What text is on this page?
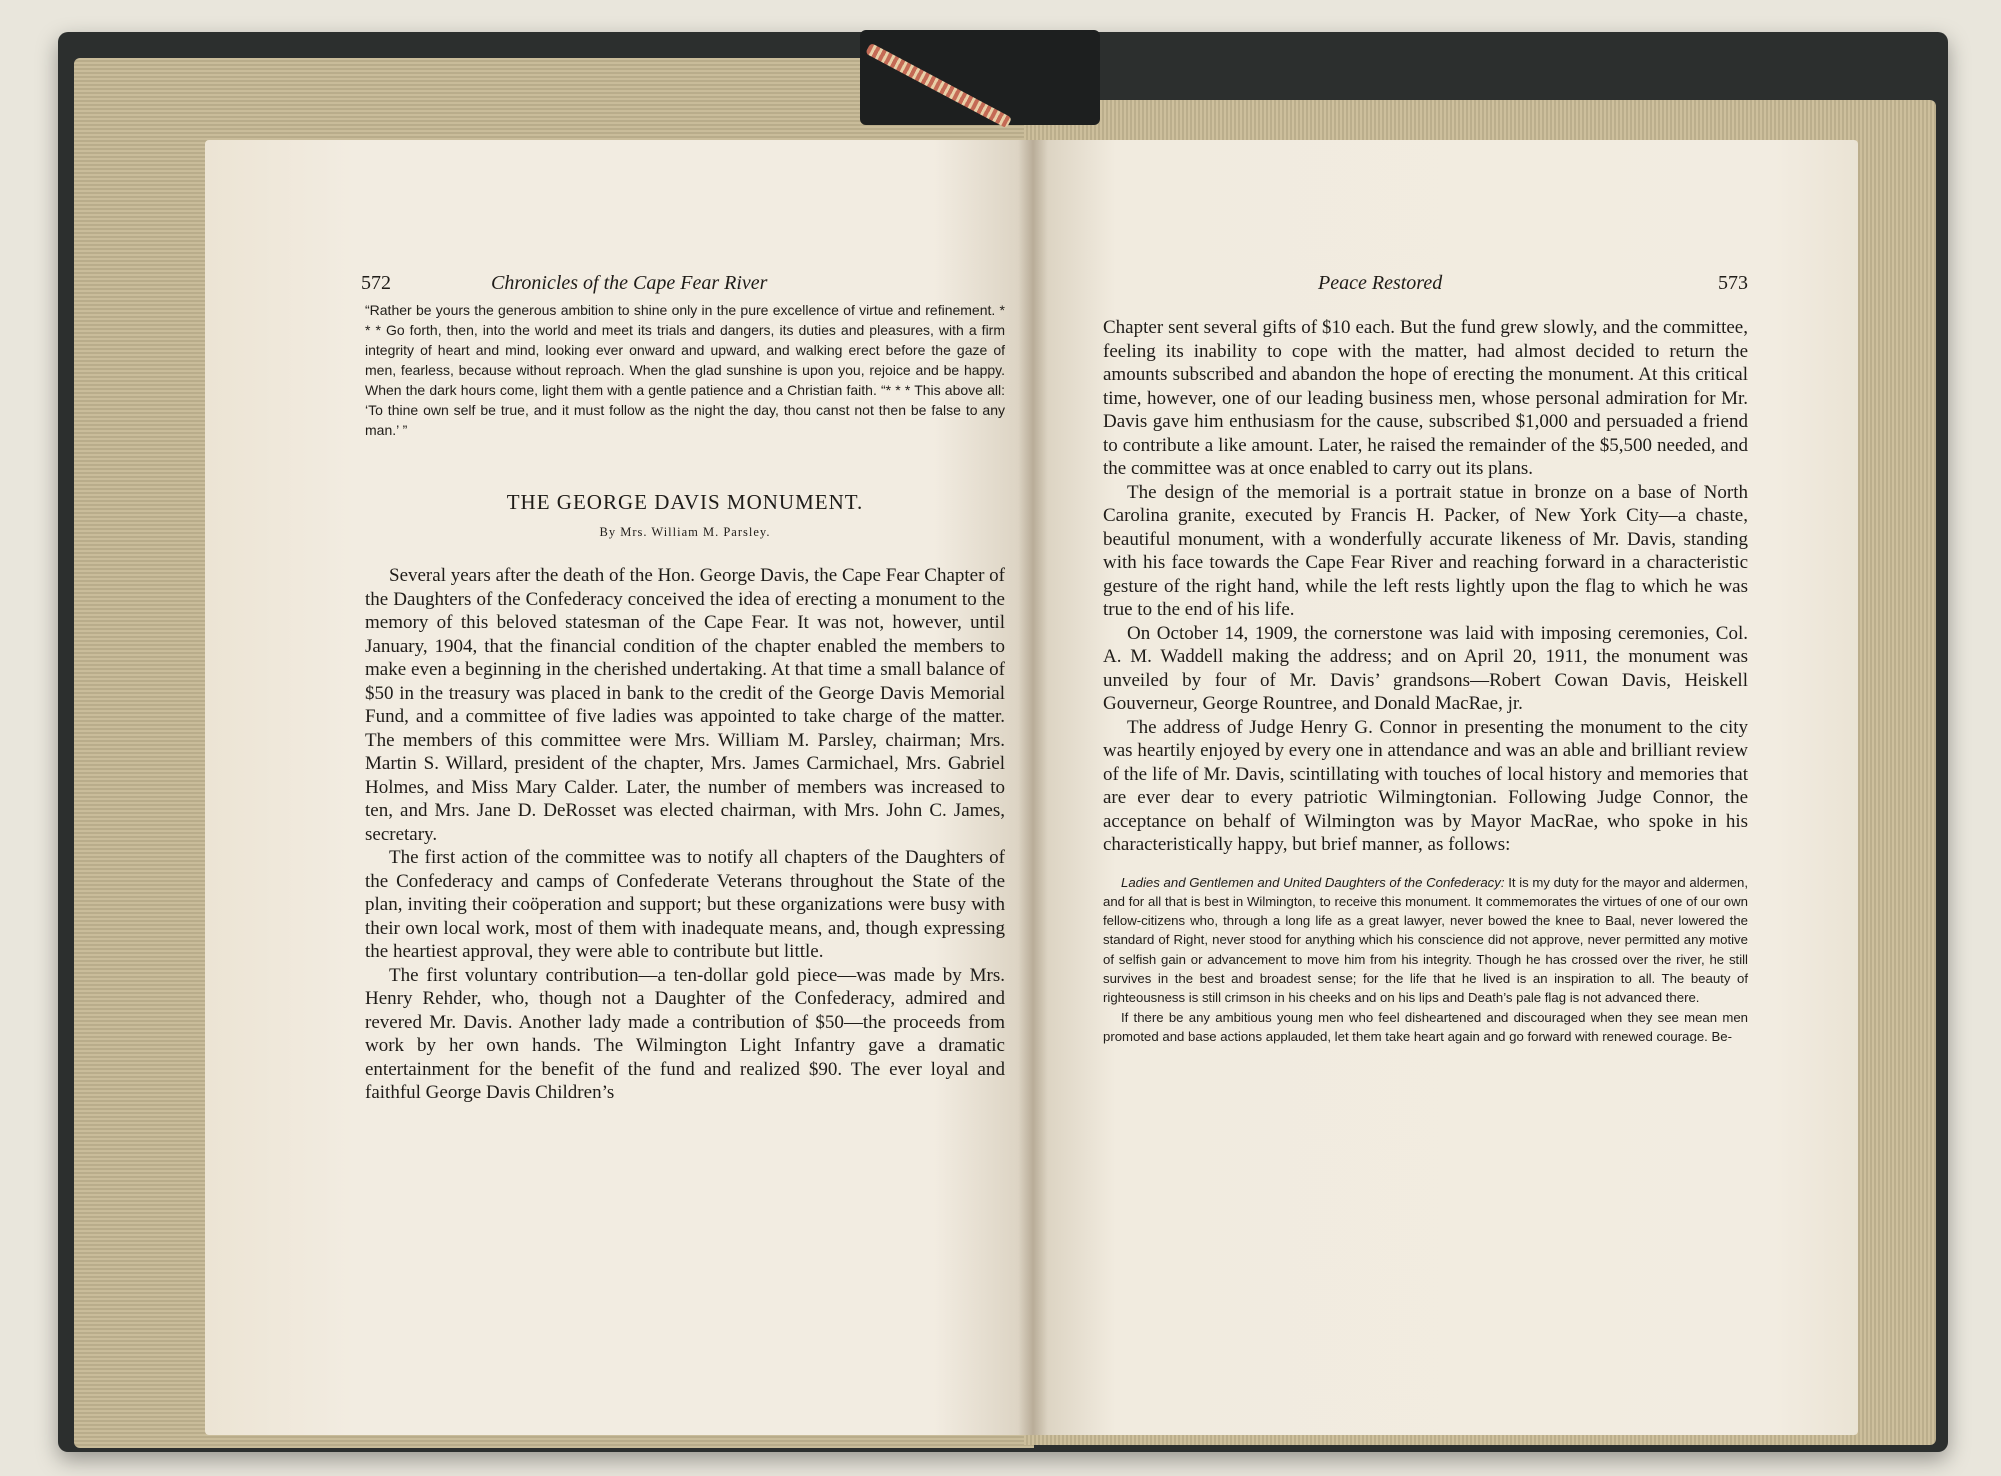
572	Chronicles of the Cape Fear River

“Rather be yours the generous ambition to shine only in the pure excellence of virtue and refinement. * * * Go forth, then, into the world and meet its trials and dangers, its duties and pleasures, with a firm integrity of heart and mind, looking ever onward and upward, and walking erect before the gaze of men, fearless, because without reproach. When the glad sunshine is upon you, rejoice and be happy. When the dark hours come, light them with a gentle patience and a Christian faith. “* * * This above all: ‘To thine own self be true, and it must follow as the night the day, thou canst not then be false to any man.’ ”

THE GEORGE DAVIS MONUMENT.
By Mrs. William M. Parsley.

Several years after the death of the Hon. George Davis, the Cape Fear Chapter of the Daughters of the Confederacy conceived the idea of erecting a monument to the memory of this beloved statesman of the Cape Fear. It was not, however, until January, 1904, that the financial condition of the chapter enabled the members to make even a beginning in the cherished undertaking. At that time a small balance of $50 in the treasury was placed in bank to the credit of the George Davis Memorial Fund, and a committee of five ladies was appointed to take charge of the matter. The members of this committee were Mrs. William M. Parsley, chairman; Mrs. Martin S. Willard, president of the chapter, Mrs. James Carmichael, Mrs. Gabriel Holmes, and Miss Mary Calder. Later, the number of members was increased to ten, and Mrs. Jane D. DeRosset was elected chairman, with Mrs. John C. James, secretary.

The first action of the committee was to notify all chapters of the Daughters of the Confederacy and camps of Confederate Veterans throughout the State of the plan, inviting their coöperation and support; but these organizations were busy with their own local work, most of them with inadequate means, and, though expressing the heartiest approval, they were able to contribute but little.

The first voluntary contribution—a ten-dollar gold piece—was made by Mrs. Henry Rehder, who, though not a Daughter of the Confederacy, admired and revered Mr. Davis. Another lady made a contribution of $50—the proceeds from work by her own hands. The Wilmington Light Infantry gave a dramatic entertainment for the benefit of the fund and realized $90. The ever loyal and faithful George Davis Children’s

Peace Restored	573

Chapter sent several gifts of $10 each. But the fund grew slowly, and the committee, feeling its inability to cope with the matter, had almost decided to return the amounts subscribed and abandon the hope of erecting the monument. At this critical time, however, one of our leading business men, whose personal admiration for Mr. Davis gave him enthusiasm for the cause, subscribed $1,000 and persuaded a friend to contribute a like amount. Later, he raised the remainder of the $5,500 needed, and the committee was at once enabled to carry out its plans.

The design of the memorial is a portrait statue in bronze on a base of North Carolina granite, executed by Francis H. Packer, of New York City—a chaste, beautiful monument, with a wonderfully accurate likeness of Mr. Davis, standing with his face towards the Cape Fear River and reaching forward in a characteristic gesture of the right hand, while the left rests lightly upon the flag to which he was true to the end of his life.

On October 14, 1909, the cornerstone was laid with imposing ceremonies, Col. A. M. Waddell making the address; and on April 20, 1911, the monument was unveiled by four of Mr. Davis’ grandsons—Robert Cowan Davis, Heiskell Gouverneur, George Rountree, and Donald MacRae, jr.

The address of Judge Henry G. Connor in presenting the monument to the city was heartily enjoyed by every one in attendance and was an able and brilliant review of the life of Mr. Davis, scintillating with touches of local history and memories that are ever dear to every patriotic Wilmingtonian. Following Judge Connor, the acceptance on behalf of Wilmington was by Mayor MacRae, who spoke in his characteristically happy, but brief manner, as follows:

Ladies and Gentlemen and United Daughters of the Confederacy: It is my duty for the mayor and aldermen, and for all that is best in Wilmington, to receive this monument. It commemorates the virtues of one of our own fellow-citizens who, through a long life as a great lawyer, never bowed the knee to Baal, never lowered the standard of Right, never stood for anything which his conscience did not approve, never permitted any motive of selfish gain or advancement to move him from his integrity. Though he has crossed over the river, he still survives in the best and broadest sense; for the life that he lived is an inspiration to all. The beauty of righteousness is still crimson in his cheeks and on his lips and Death’s pale flag is not advanced there.

If there be any ambitious young men who feel disheartened and discouraged when they see mean men promoted and base actions applauded, let them take heart again and go forward with renewed courage. Be-
